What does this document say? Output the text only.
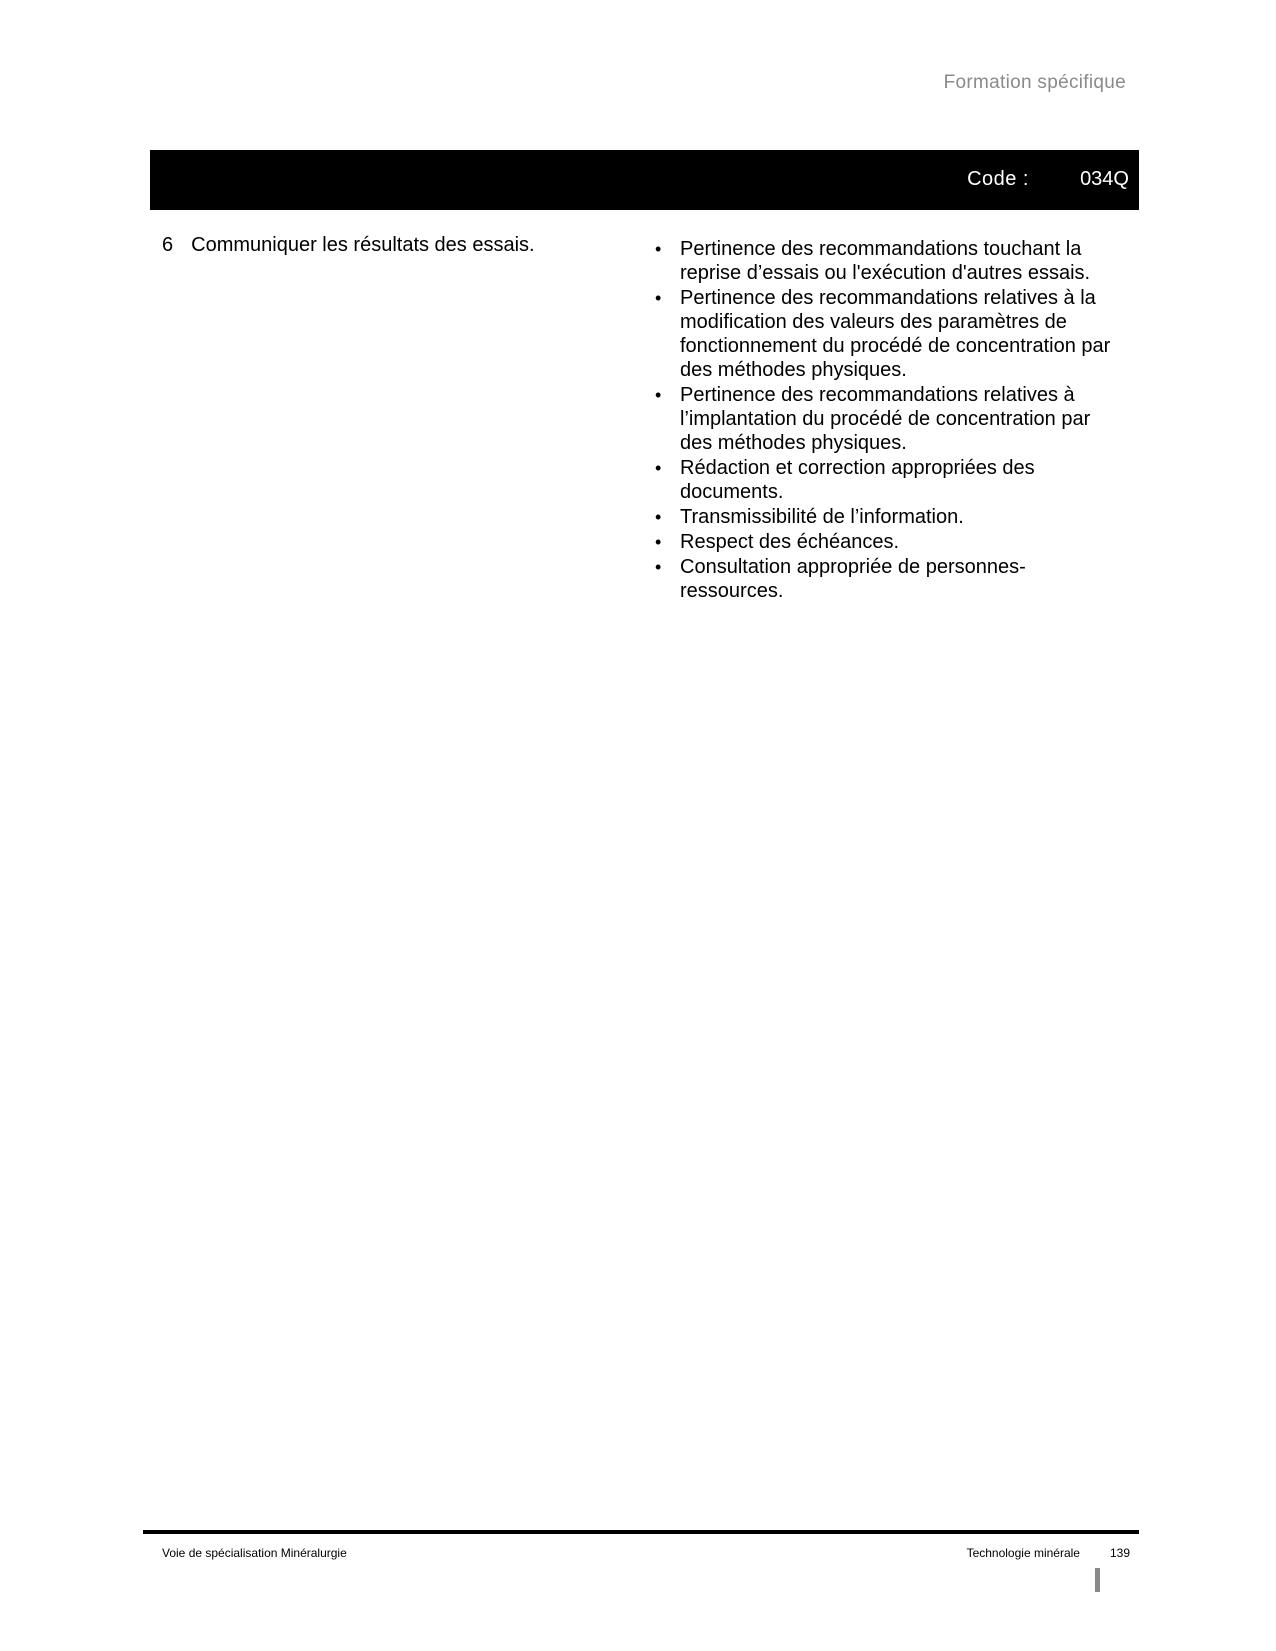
Formation spécifique
Code :	034Q
6 Communiquer les résultats des essais.	• Pertinence des recommandations touchant la reprise d’essais ou l'exécution d'autres essais.
• Pertinence des recommandations relatives à la modification des valeurs des paramètres de fonctionnement du procédé de concentration par des méthodes physiques.
• Pertinence des recommandations relatives à l’implantation du procédé de concentration par des méthodes physiques.
• Rédaction et correction appropriées des documents.
• Transmissibilité de l’information.
• Respect des échéances.
• Consultation appropriée de personnes-ressources.
Voie de spécialisation Minéralurgie	Technologie minérale	139
